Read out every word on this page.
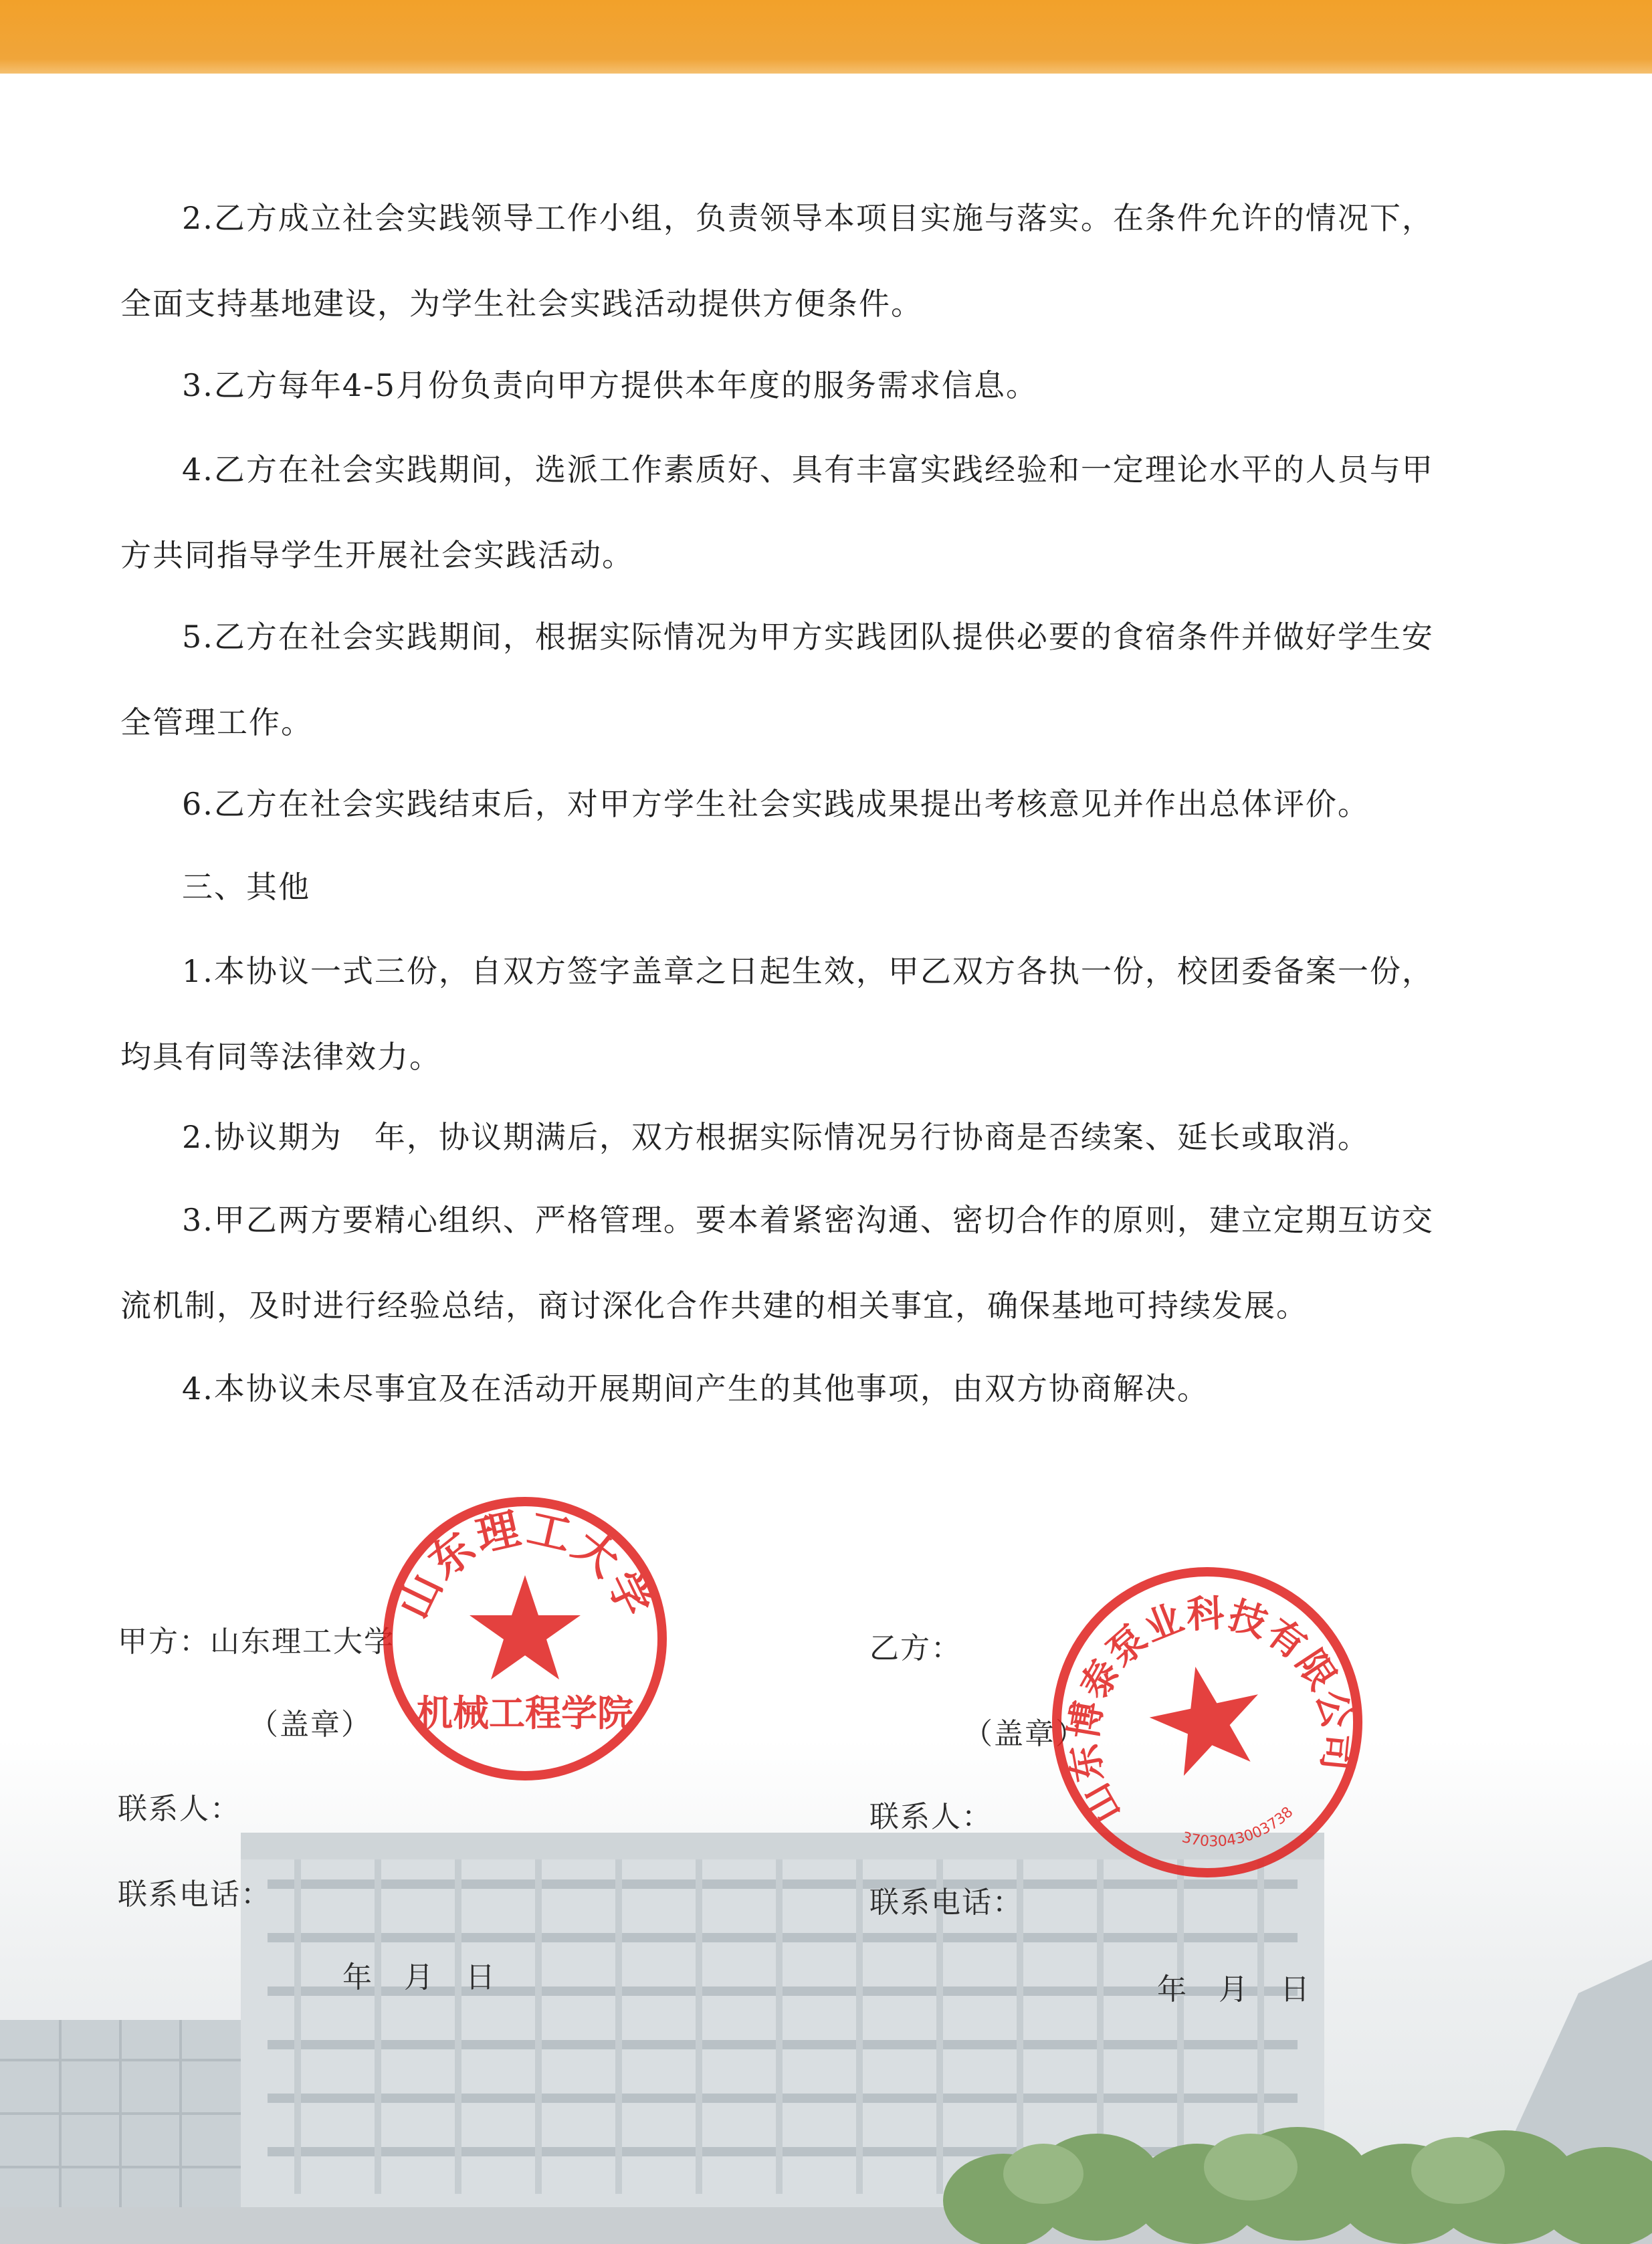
2.乙方成立社会实践领导工作小组，负责领导本项目实施与落实。在条件允许的情况下，
全面支持基地建设，为学生社会实践活动提供方便条件。
3.乙方每年4-5月份负责向甲方提供本年度的服务需求信息。
4.乙方在社会实践期间，选派工作素质好、具有丰富实践经验和一定理论水平的人员与甲
方共同指导学生开展社会实践活动。
5.乙方在社会实践期间，根据实际情况为甲方实践团队提供必要的食宿条件并做好学生安
全管理工作。
6.乙方在社会实践结束后，对甲方学生社会实践成果提出考核意见并作出总体评价。
三、其他
1.本协议一式三份，自双方签字盖章之日起生效，甲乙双方各执一份，校团委备案一份，
均具有同等法律效力。
2.协议期为　年，协议期满后，双方根据实际情况另行协商是否续案、延长或取消。
3.甲乙两方要精心组织、严格管理。要本着紧密沟通、密切合作的原则，建立定期互访交
流机制，及时进行经验总结，商讨深化合作共建的相关事宜，确保基地可持续发展。
4.本协议未尽事宜及在活动开展期间产生的其他事项，由双方协商解决。
甲方：山东理工大学
（盖章）
联系人：
联系电话：
年　月　日
乙方：
（盖章）
联系人：
联系电话：
年　月　日
山东理工大学
机械工程学院
山东博泰泵业科技有限公司
3703043003738
